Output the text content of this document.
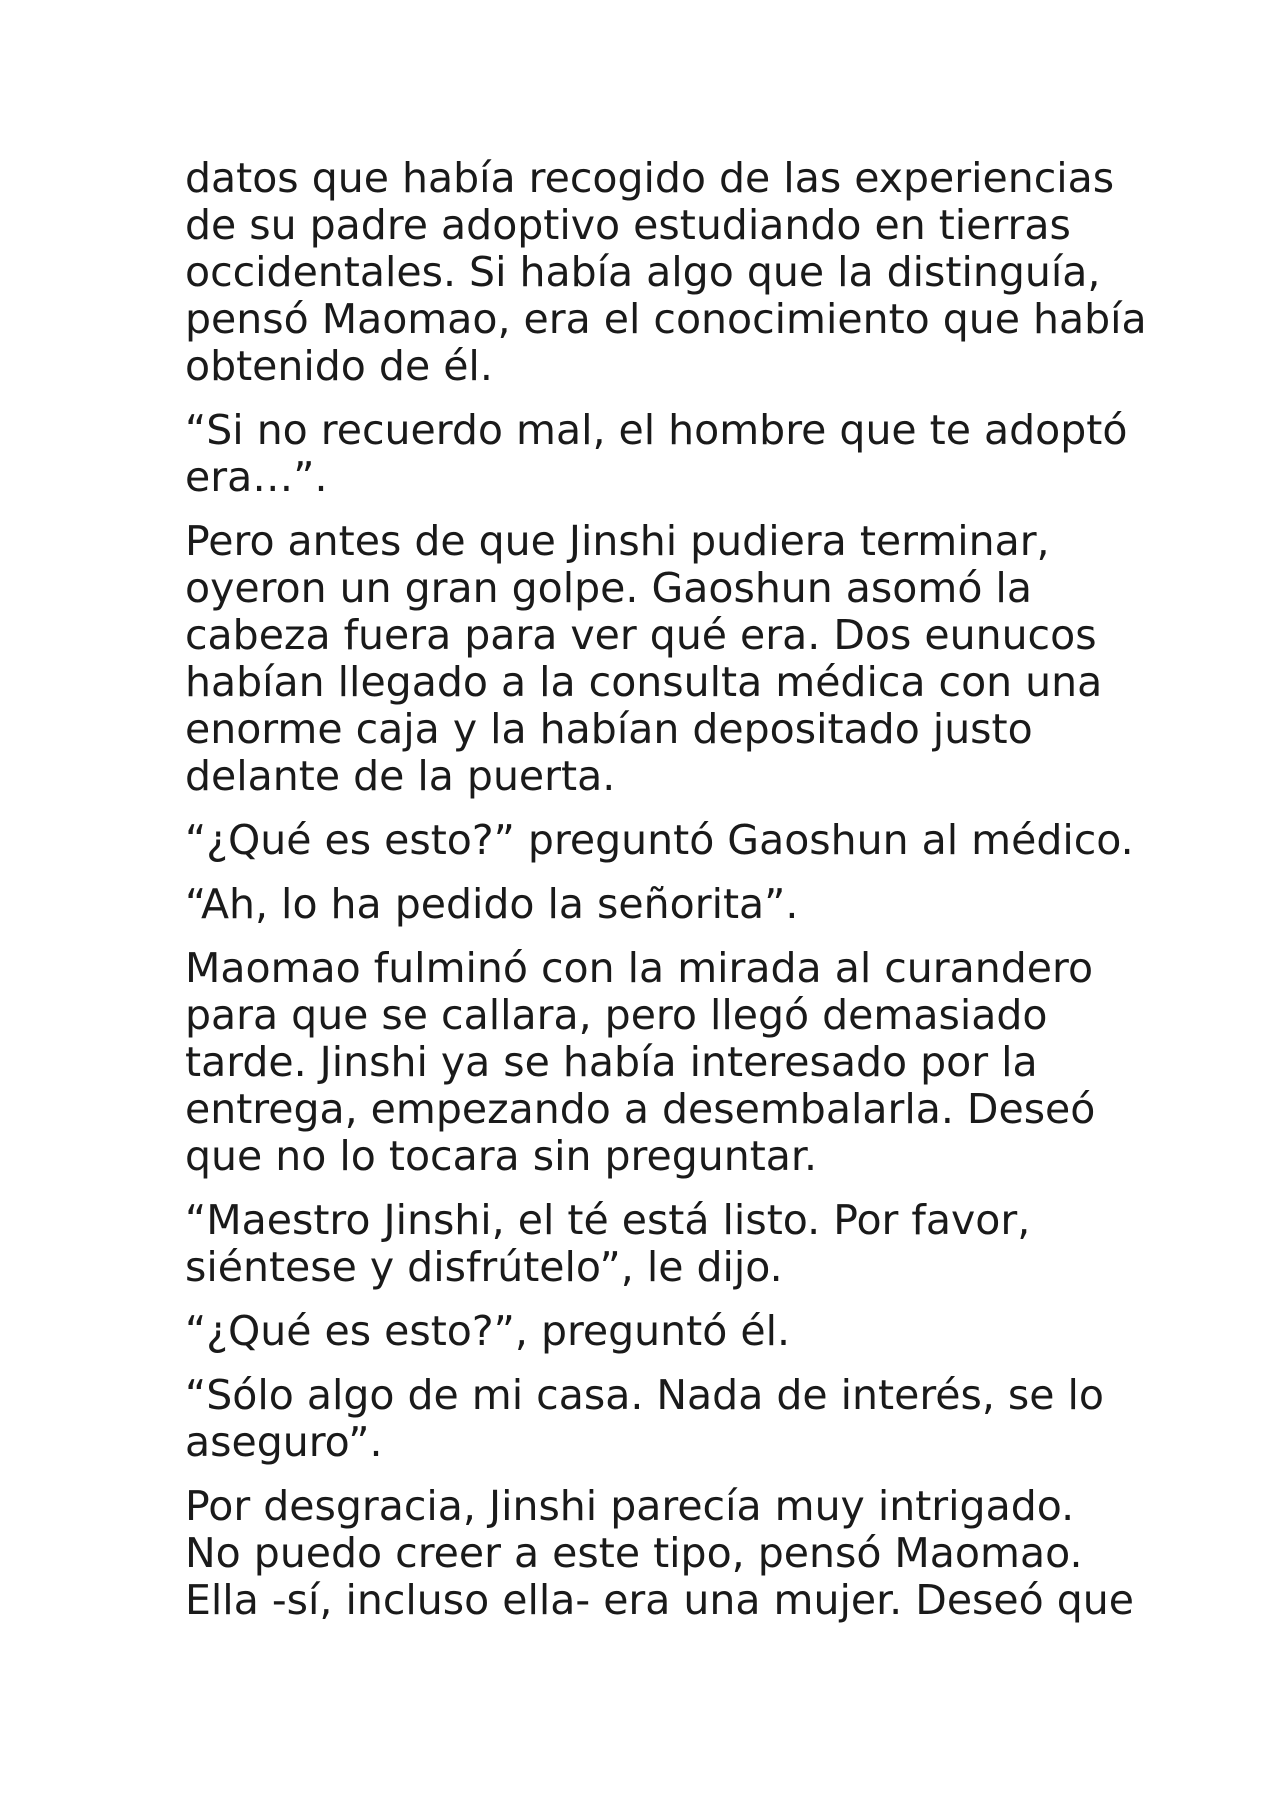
datos que había recogido de las experiencias
de su padre adoptivo estudiando en tierras
occidentales. Si había algo que la distinguía,
pensó Maomao, era el conocimiento que había
obtenido de él.

“Si no recuerdo mal, el hombre que te adoptó
era…”.

Pero antes de que Jinshi pudiera terminar,
oyeron un gran golpe. Gaoshun asomó la
cabeza fuera para ver qué era. Dos eunucos
habían llegado a la consulta médica con una
enorme caja y la habían depositado justo
delante de la puerta.

“¿Qué es esto?” preguntó Gaoshun al médico.

“Ah, lo ha pedido la señorita”.

Maomao fulminó con la mirada al curandero
para que se callara, pero llegó demasiado
tarde. Jinshi ya se había interesado por la
entrega, empezando a desembalarla. Deseó
que no lo tocara sin preguntar.

“Maestro Jinshi, el té está listo. Por favor,
siéntese y disfrútelo”, le dijo.

“¿Qué es esto?”, preguntó él.

“Sólo algo de mi casa. Nada de interés, se lo
aseguro”.

Por desgracia, Jinshi parecía muy intrigado.
No puedo creer a este tipo, pensó Maomao.
Ella -sí, incluso ella- era una mujer. Deseó que
